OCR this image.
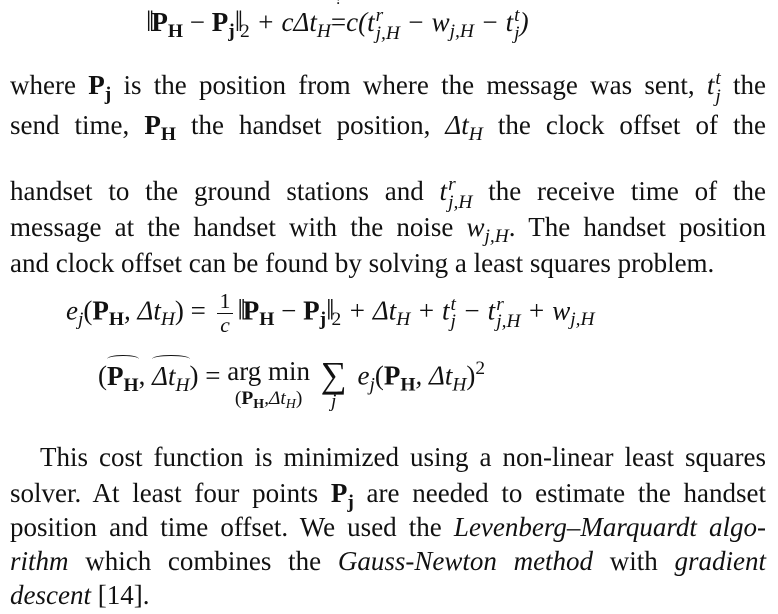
$‖P_H$ − $P_j‖_2 + c\Delta t_H$! =c(t r
$j,H - w_{j,H} - t$ t
j )
where $P_j$ is the position from where the message was sent, t t
j the
send time, $P_H$ the handset position, $\Delta t_H$ the clock offset of the
handset to the ground stations and t r
j,H the receive time of the
message at the handset with the noise $w_{j,H}$. The handset position
and clock offset can be found by solving a least squares problem.
$e_j(P_H$, $\Delta t_H) = \frac{1}{c}$ $‖P_H$ − $P_j‖_2 + \Delta t_H + t$ t
j − t r
$j,H + w_{j,H}$
($P_H$, $\Delta t_H$) = arg min
$(P_H,\Delta t_H)$

∑
j
$e_j(P_H$, $\Delta t_H)^2$
This cost function is minimized using a non-linear least squares
solver. At least four points $P_j$ are needed to estimate the handset
position and time offset. We used the Levenberg–Marquardt algo-
rithm which combines the Gauss-Newton method with gradient
descent [14].
